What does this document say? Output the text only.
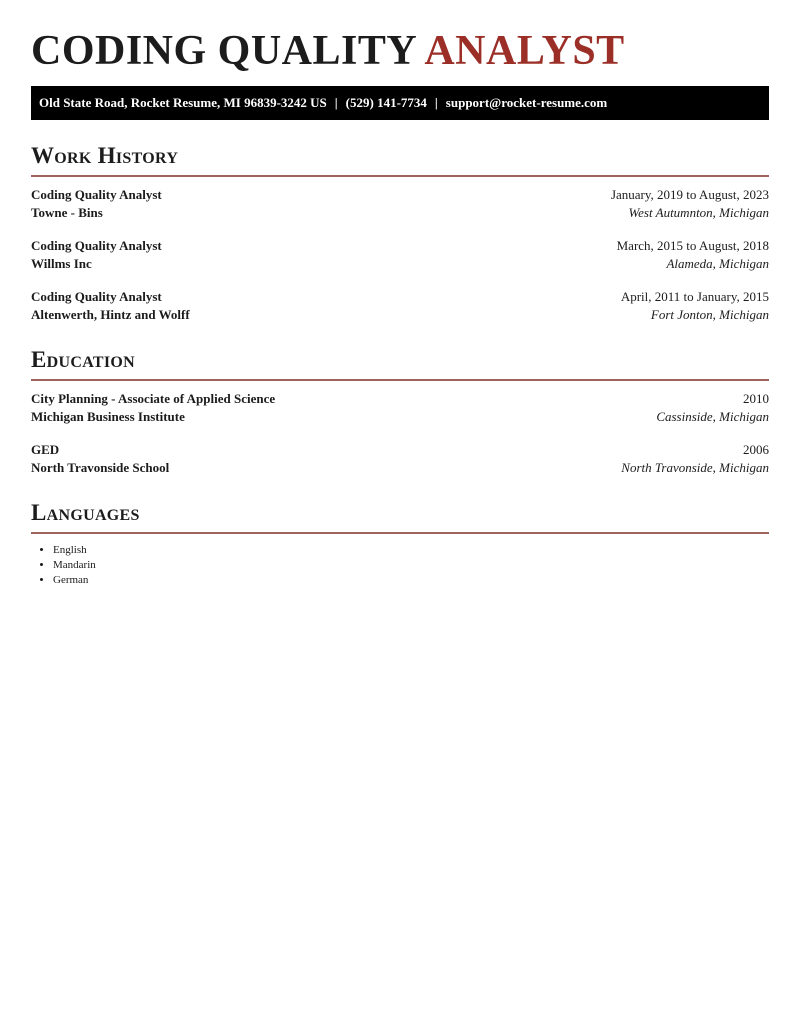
CODING QUALITY ANALYST
Old State Road, Rocket Resume, MI 96839-3242 US | (529) 141-7734 | support@rocket-resume.com
Work History
Coding Quality Analyst	January, 2019 to August, 2023
Towne - Bins	West Autumnton, Michigan
Coding Quality Analyst	March, 2015 to August, 2018
Willms Inc	Alameda, Michigan
Coding Quality Analyst	April, 2011 to January, 2015
Altenwerth, Hintz and Wolff	Fort Jonton, Michigan
Education
City Planning - Associate of Applied Science	2010
Michigan Business Institute	Cassinside, Michigan
GED	2006
North Travonside School	North Travonside, Michigan
Languages
• English
• Mandarin
• German
